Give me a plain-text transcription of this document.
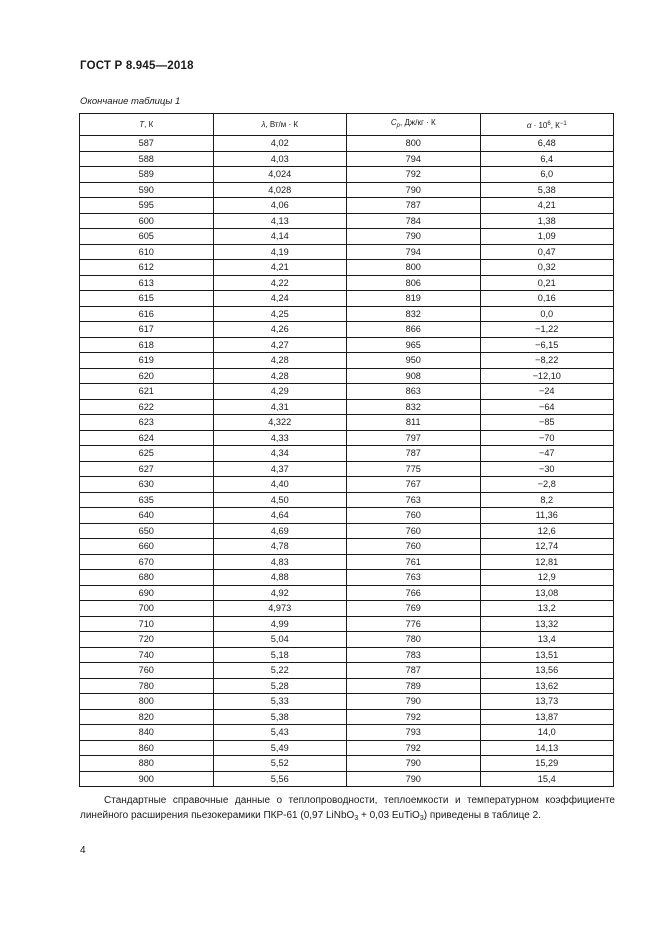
ГОСТ Р 8.945—2018
Окончание таблицы 1
T, К	λ, Вт/м · К	$C_p$, Дж/кг · К	$\alpha \cdot 10^6$, $К^{-1}$
587	4,02	800	6,48
588	4,03	794	6,4
589	4,024	792	6,0
590	4,028	790	5,38
595	4,06	787	4,21
600	4,13	784	1,38
605	4,14	790	1,09
610	4,19	794	0,47
612	4,21	800	0,32
613	4,22	806	0,21
615	4,24	819	0,16
616	4,25	832	0,0
617	4,26	866	−1,22
618	4,27	965	−6,15
619	4,28	950	−8,22
620	4,28	908	−12,10
621	4,29	863	−24
622	4,31	832	−64
623	4,322	811	−85
624	4,33	797	−70
625	4,34	787	−47
627	4,37	775	−30
630	4,40	767	−2,8
635	4,50	763	8,2
640	4,64	760	11,36
650	4,69	760	12,6
660	4,78	760	12,74
670	4,83	761	12,81
680	4,88	763	12,9
690	4,92	766	13,08
700	4,973	769	13,2
710	4,99	776	13,32
720	5,04	780	13,4
740	5,18	783	13,51
760	5,22	787	13,56
780	5,28	789	13,62
800	5,33	790	13,73
820	5,38	792	13,87
840	5,43	793	14,0
860	5,49	792	14,13
880	5,52	790	15,29
900	5,56	790	15,4
Стандартные справочные данные о теплопроводности, теплоемкости и температурном коэффициенте линейного расширения пьезокерамики ПКР-61 (0,97 LiNbO$_3$ + 0,03 EuTiO$_3$) приведены в таблице 2.
4
